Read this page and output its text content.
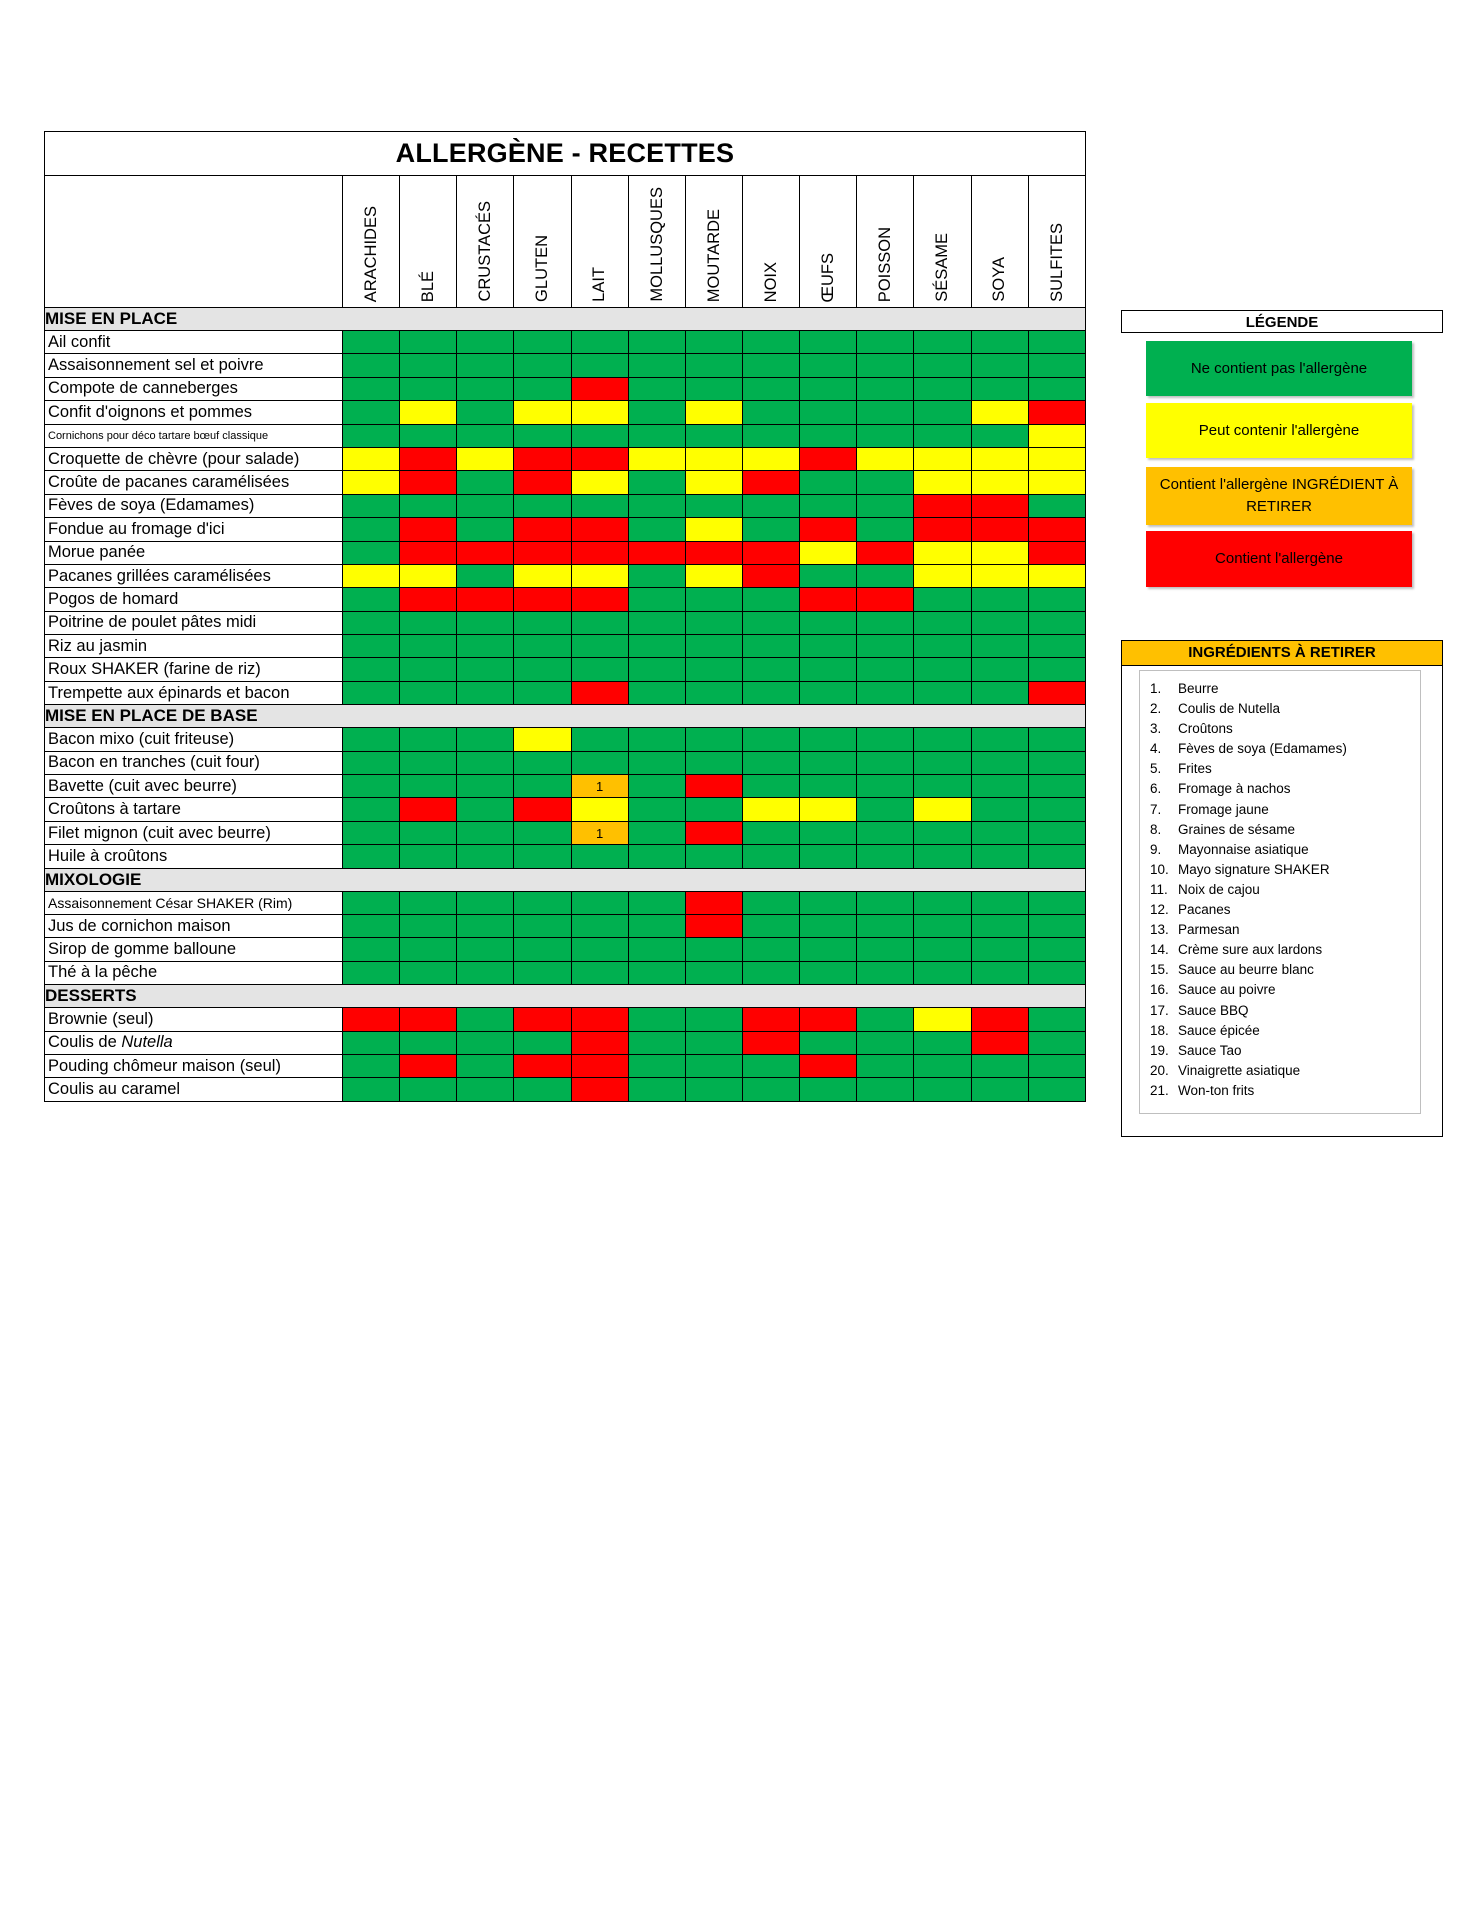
ALLERGÈNE - RECETTES													
	ARACHIDES	BLÉ	CRUSTACÉS	GLUTEN	LAIT	MOLLUSQUES	MOUTARDE	NOIX	ŒUFS	POISSON	SÉSAME	SOYA	SULFITES
MISE EN PLACE													
Ail confit													
Assaisonnement sel et poivre													
Compote de canneberges													
Confit d'oignons et pommes													
Cornichons pour déco tartare bœuf classique													
Croquette de chèvre (pour salade)													
Croûte de pacanes caramélisées													
Fèves de soya (Edamames)													
Fondue au fromage d'ici													
Morue panée													
Pacanes grillées caramélisées													
Pogos de homard													
Poitrine de poulet pâtes midi													
Riz au jasmin													
Roux SHAKER (farine de riz)													
Trempette aux épinards et bacon													
MISE EN PLACE DE BASE													
Bacon mixo (cuit friteuse)													
Bacon en tranches (cuit four)													
Bavette (cuit avec beurre)					1								
Croûtons à tartare													
Filet mignon (cuit avec beurre)					1								
Huile à croûtons													
MIXOLOGIE													
Assaisonnement César SHAKER (Rim)													
Jus de cornichon maison													
Sirop de gomme balloune													
Thé à la pêche													
DESSERTS													
Brownie (seul)													
Coulis de Nutella													
Pouding chômeur maison (seul)													
Coulis au caramel													
LÉGENDE
Ne contient pas l'allergène
Peut contenir l'allergène
Contient l'allergène INGRÉDIENT À RETIRER
Contient l'allergène
INGRÉDIENTS À RETIRER
1.	Beurre
2.	Coulis de Nutella
3.	Croûtons
4.	Fèves de soya (Edamames)
5.	Frites
6.	Fromage à nachos
7.	Fromage jaune
8.	Graines de sésame
9.	Mayonnaise asiatique
10. Mayo signature SHAKER
11. Noix de cajou
12. Pacanes
13. Parmesan
14. Crème sure aux lardons
15. Sauce au beurre blanc
16. Sauce au poivre
17. Sauce BBQ
18. Sauce épicée
19. Sauce Tao
20. Vinaigrette asiatique
21. Won-ton frits
